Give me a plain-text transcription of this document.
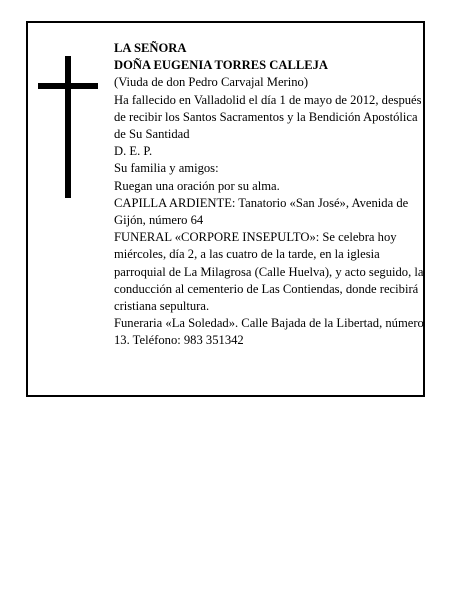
LA SEÑORA
DOÑA EUGENIA TORRES CALLEJA
(Viuda de don Pedro Carvajal Merino)
Ha fallecido en Valladolid el día 1 de mayo de 2012, después de recibir los Santos Sacramentos y la Bendición Apostólica de Su Santidad
D. E. P.
Su familia y amigos:
Ruegan una oración por su alma.
CAPILLA ARDIENTE: Tanatorio «San José», Avenida de Gijón, número 64
FUNERAL «CORPORE INSEPULTO»: Se celebra hoy miércoles, día 2, a las cuatro de la tarde, en la iglesia parroquial de La Milagrosa (Calle Huelva), y acto seguido, la conducción al cementerio de Las Contiendas, donde recibirá cristiana sepultura.
Funeraria «La Soledad». Calle Bajada de la Libertad, número 13. Teléfono: 983 351342
